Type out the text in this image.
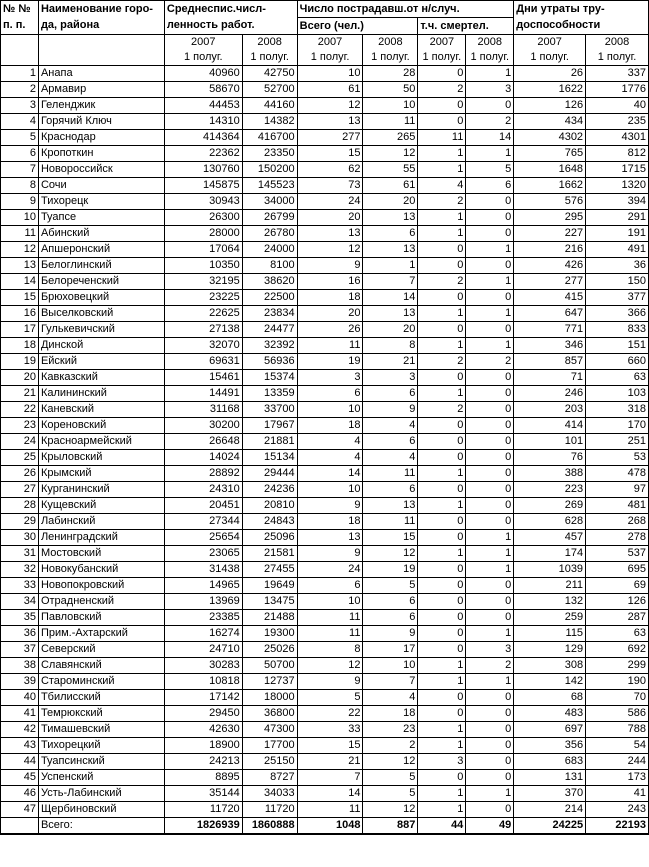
№ №	Наименование горо-	Среднеспис.числ-		Число пострадавш.от н/случ.				Дни утраты тру-	
п. п.	да, района	ленность работ.		Всего (чел.)		т.ч. смертел.		доспособности	
		2007	2008	2007	2008	2007	2008	2007	2008
		1 полуг.	1 полуг.	1 полуг.	1 полуг.	1 полуг.	1 полуг.	1 полуг.	1 полуг.
1	Анапа	40960	42750	10	28	0	1	26	337
2	Армавир	58670	52700	61	50	2	3	1622	1776
3	Геленджик	44453	44160	12	10	0	0	126	40
4	Горячий Ключ	14310	14382	13	11	0	2	434	235
5	Краснодар	414364	416700	277	265	11	14	4302	4301
6	Кропоткин	22362	23350	15	12	1	1	765	812
7	Новороссийск	130760	150200	62	55	1	5	1648	1715
8	Сочи	145875	145523	73	61	4	6	1662	1320
9	Тихорецк	30943	34000	24	20	2	0	576	394
10	Туапсе	26300	26799	20	13	1	0	295	291
11	Абинский	28000	26780	13	6	1	0	227	191
12	Апшеронский	17064	24000	12	13	0	1	216	491
13	Белоглинский	10350	8100	9	1	0	0	426	36
14	Белореченский	32195	38620	16	7	2	1	277	150
15	Брюховецкий	23225	22500	18	14	0	0	415	377
16	Выселковский	22625	23834	20	13	1	1	647	366
17	Гулькевичский	27138	24477	26	20	0	0	771	833
18	Динской	32070	32392	11	8	1	1	346	151
19	Ейский	69631	56936	19	21	2	2	857	660
20	Кавказский	15461	15374	3	3	0	0	71	63
21	Калининский	14491	13359	6	6	1	0	246	103
22	Каневский	31168	33700	10	9	2	0	203	318
23	Кореновский	30200	17967	18	4	0	0	414	170
24	Красноармейский	26648	21881	4	6	0	0	101	251
25	Крыловский	14024	15134	4	4	0	0	76	53
26	Крымский	28892	29444	14	11	1	0	388	478
27	Курганинский	24310	24236	10	6	0	0	223	97
28	Кущевский	20451	20810	9	13	1	0	269	481
29	Лабинский	27344	24843	18	11	0	0	628	268
30	Ленинградский	25654	25096	13	15	0	1	457	278
31	Мостовский	23065	21581	9	12	1	1	174	537
32	Новокубанский	31438	27455	24	19	0	1	1039	695
33	Новопокровский	14965	19649	6	5	0	0	211	69
34	Отрадненский	13969	13475	10	6	0	0	132	126
35	Павловский	23385	21488	11	6	0	0	259	287
36	Прим.-Ахтарский	16274	19300	11	9	0	1	115	63
37	Северский	24710	25026	8	17	0	3	129	692
38	Славянский	30283	50700	12	10	1	2	308	299
39	Староминский	10818	12737	9	7	1	1	142	190
40	Тбилисский	17142	18000	5	4	0	0	68	70
41	Темрюкский	29450	36800	22	18	0	0	483	586
42	Тимашевский	42630	47300	33	23	1	0	697	788
43	Тихорецкий	18900	17700	15	2	1	0	356	54
44	Туапсинский	24213	25150	21	12	3	0	683	244
45	Успенский	8895	8727	7	5	0	0	131	173
46	Усть-Лабинский	35144	34033	14	5	1	1	370	41
47	Щербиновский	11720	11720	11	12	1	0	214	243
	Всего:	1826939	1860888	1048	887	44	49	24225	22193
